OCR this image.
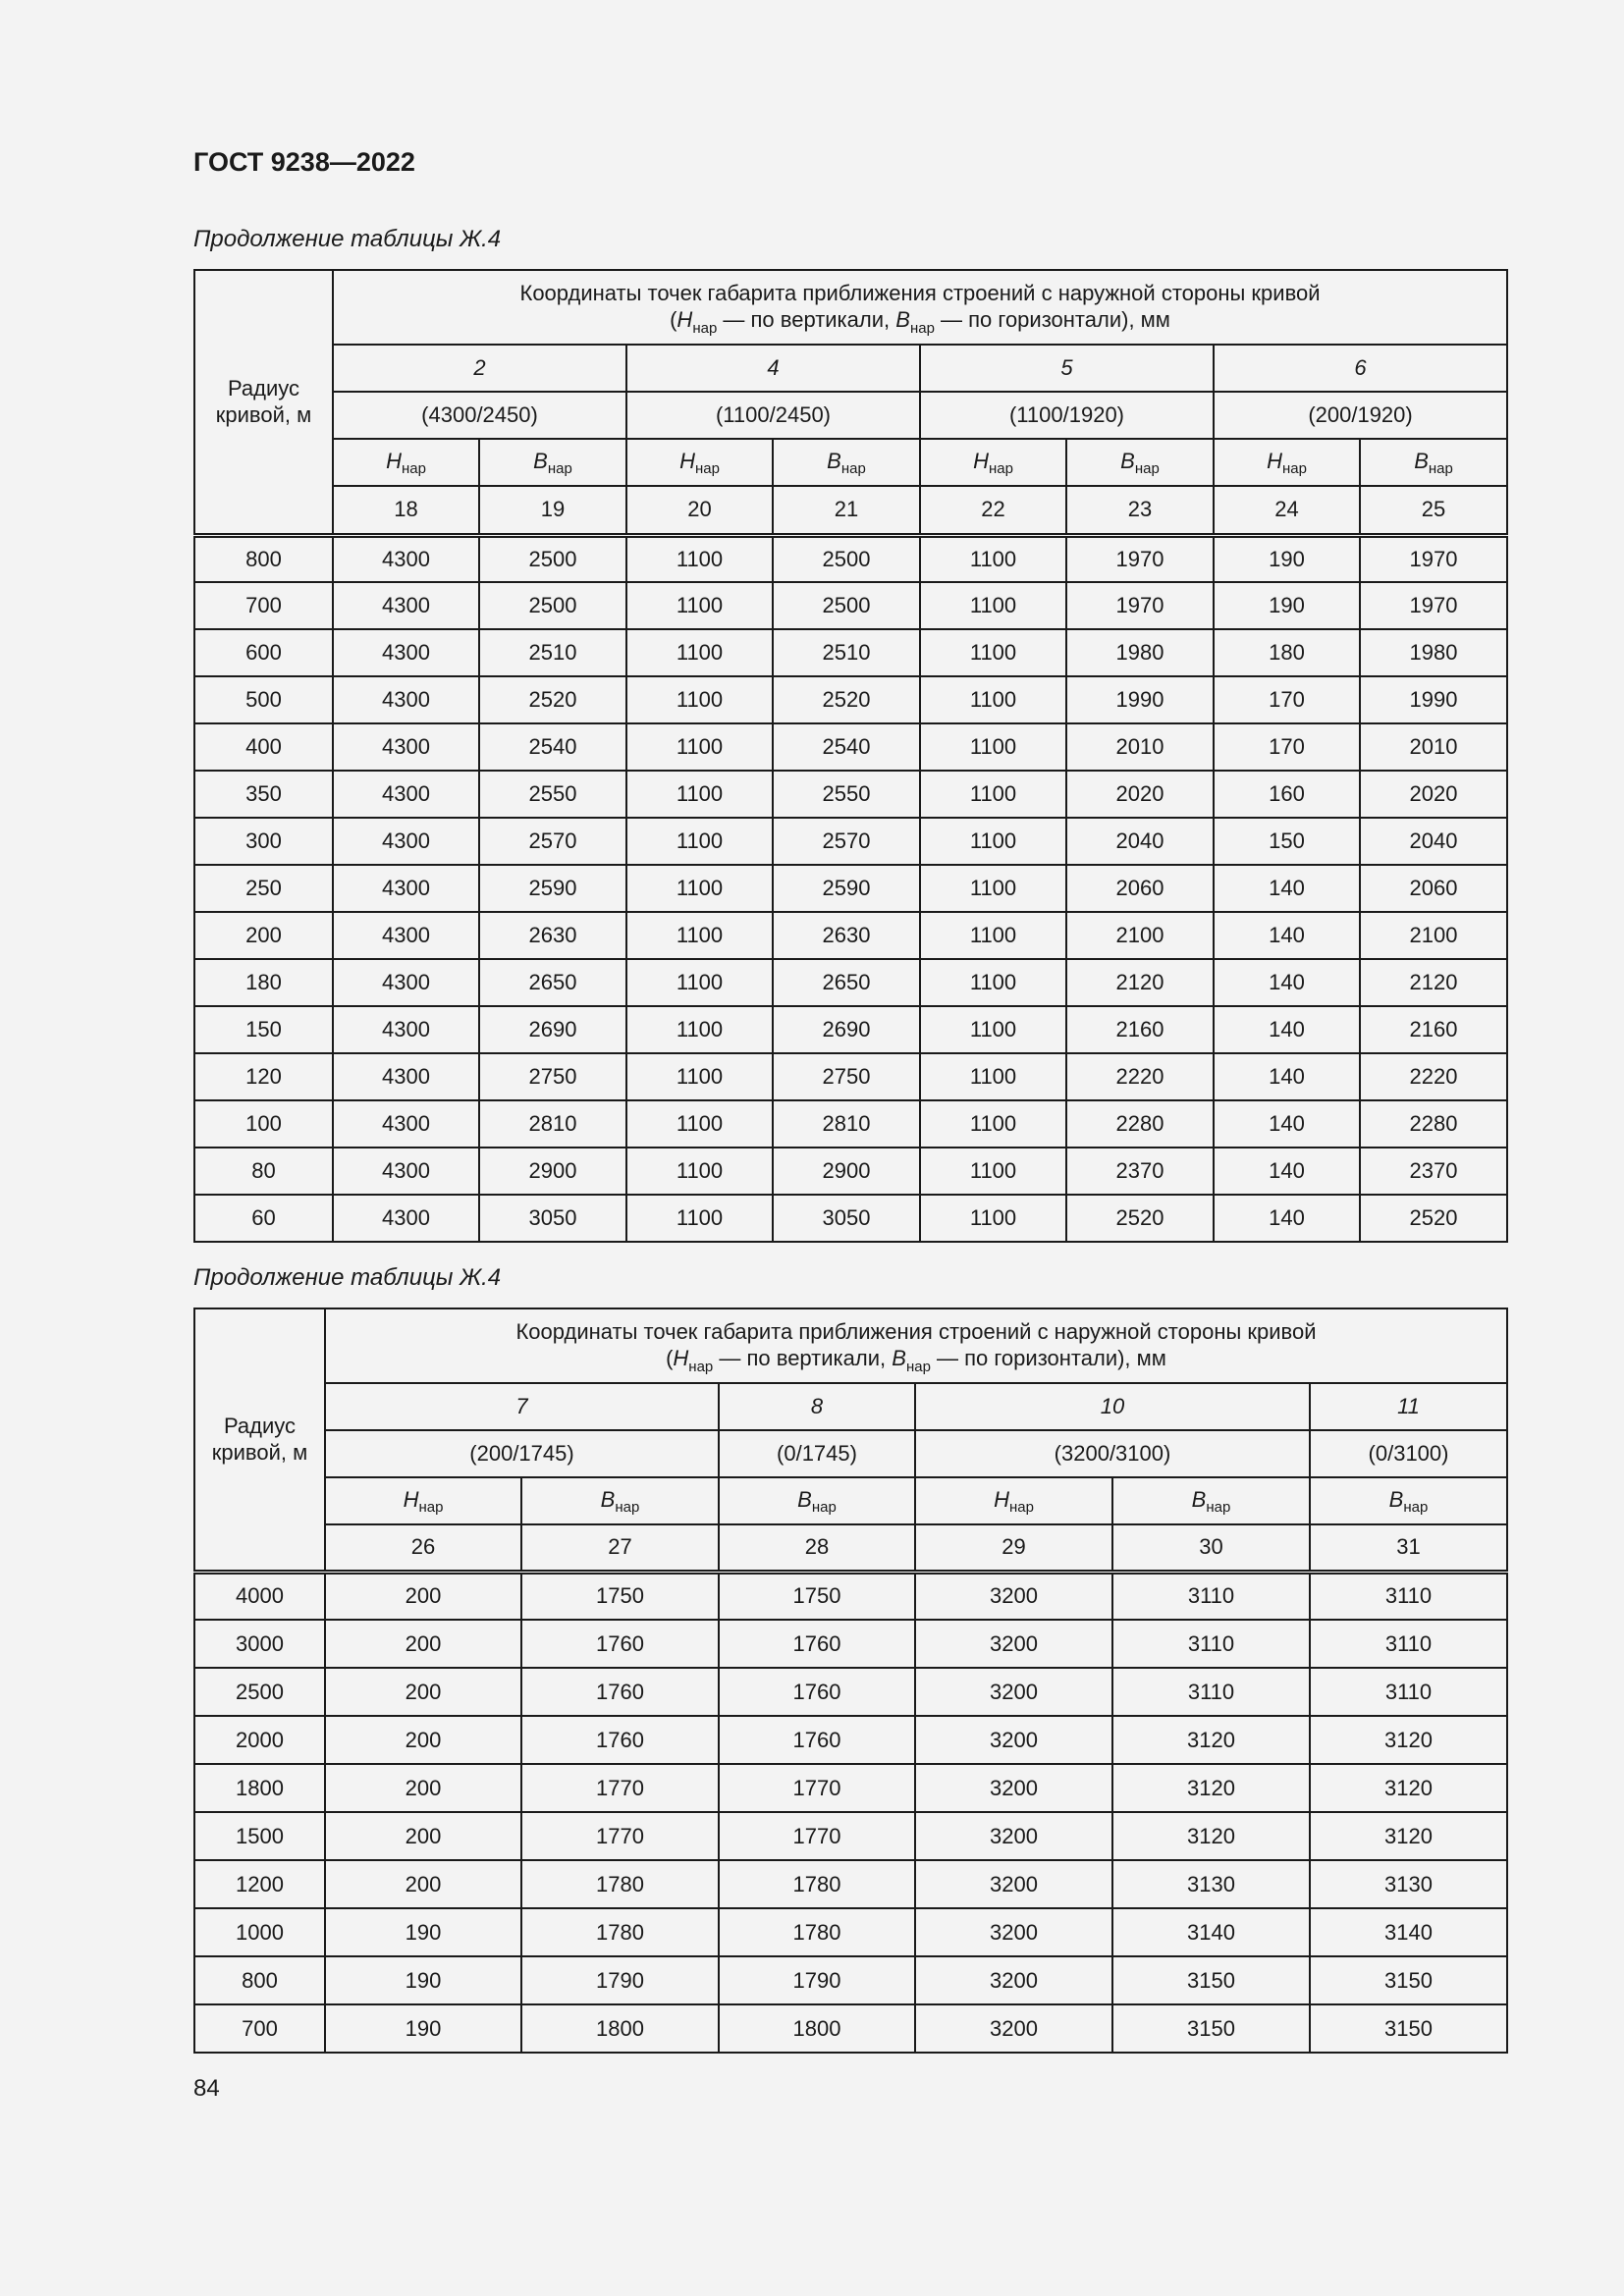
ГОСТ 9238—2022
Продолжение таблицы Ж.4
Радиус
кривой, м	Координаты точек габарита приближения строений с наружной стороны кривой
($H_{нар}$ — по вертикали, $B_{нар}$ — по горизонтали), мм							
	2		4		5		6	
	(4300/2450)		(1100/2450)		(1100/1920)		(200/1920)	
	$H_{нар}$	$B_{нар}$	$H_{нар}$	$B_{нар}$	$H_{нар}$	$B_{нар}$	$H_{нар}$	$B_{нар}$
	18	19	20	21	22	23	24	25
800	4300	2500	1100	2500	1100	1970	190	1970
700	4300	2500	1100	2500	1100	1970	190	1970
600	4300	2510	1100	2510	1100	1980	180	1980
500	4300	2520	1100	2520	1100	1990	170	1990
400	4300	2540	1100	2540	1100	2010	170	2010
350	4300	2550	1100	2550	1100	2020	160	2020
300	4300	2570	1100	2570	1100	2040	150	2040
250	4300	2590	1100	2590	1100	2060	140	2060
200	4300	2630	1100	2630	1100	2100	140	2100
180	4300	2650	1100	2650	1100	2120	140	2120
150	4300	2690	1100	2690	1100	2160	140	2160
120	4300	2750	1100	2750	1100	2220	140	2220
100	4300	2810	1100	2810	1100	2280	140	2280
80	4300	2900	1100	2900	1100	2370	140	2370
60	4300	3050	1100	3050	1100	2520	140	2520
Продолжение таблицы Ж.4
Радиус
кривой, м	Координаты точек габарита приближения строений с наружной стороны кривой
($H_{нар}$ — по вертикали, $B_{нар}$ — по горизонтали), мм					
	7		8	10		11
	(200/1745)		(0/1745)	(3200/3100)		(0/3100)
	$H_{нар}$	$B_{нар}$	$B_{нар}$	$H_{нар}$	$B_{нар}$	$B_{нар}$
	26	27	28	29	30	31
4000	200	1750	1750	3200	3110	3110
3000	200	1760	1760	3200	3110	3110
2500	200	1760	1760	3200	3110	3110
2000	200	1760	1760	3200	3120	3120
1800	200	1770	1770	3200	3120	3120
1500	200	1770	1770	3200	3120	3120
1200	200	1780	1780	3200	3130	3130
1000	190	1780	1780	3200	3140	3140
800	190	1790	1790	3200	3150	3150
700	190	1800	1800	3200	3150	3150
84
